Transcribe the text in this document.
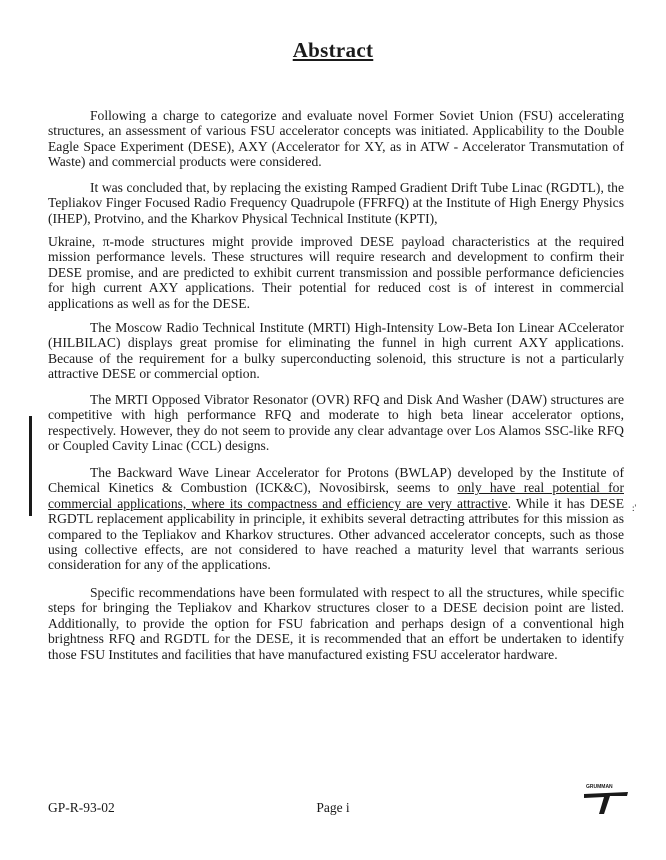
Abstract

Following a charge to categorize and evaluate novel Former Soviet Union (FSU) accelerating structures, an assessment of various FSU accelerator concepts was initiated. Applicability to the Double Eagle Space Experiment (DESE), AXY (Accelerator for XY, as in ATW - Accelerator Transmutation of Waste) and commercial products were considered.

It was concluded that, by replacing the existing Ramped Gradient Drift Tube Linac (RGDTL), the Tepliakov Finger Focused Radio Frequency Quadrupole (FFRFQ) at the Institute of High Energy Physics (IHEP), Protvino, and the Kharkov Physical Technical Institute (KPTI),

Ukraine, π-mode structures might provide improved DESE payload characteristics at the required mission performance levels. These structures will require research and development to confirm their DESE promise, and are predicted to exhibit current transmission and possible performance deficiencies for high current AXY applications. Their potential for reduced cost is of interest in commercial applications as well as for the DESE.

The Moscow Radio Technical Institute (MRTI) High-Intensity Low-Beta Ion Linear ACcelerator (HILBILAC) displays great promise for eliminating the funnel in high current AXY applications. Because of the requirement for a bulky superconducting solenoid, this structure is not a particularly attractive DESE or commercial option.

The MRTI Opposed Vibrator Resonator (OVR) RFQ and Disk And Washer (DAW) structures are competitive with high performance RFQ and moderate to high beta linear accelerator options, respectively. However, they do not seem to provide any clear advantage over Los Alamos SSC-like RFQ or Coupled Cavity Linac (CCL) designs.

The Backward Wave Linear Accelerator for Protons (BWLAP) developed by the Institute of Chemical Kinetics & Combustion (ICK&C), Novosibirsk, seems to only have real potential for commercial applications, where its compactness and efficiency are very attractive. While it has DESE RGDTL replacement applicability in principle, it exhibits several detracting attributes for this mission as compared to the Tepliakov and Kharkov structures. Other advanced accelerator concepts, such as those using collective effects, are not considered to have reached a maturity level that warrants serious consideration for any of the applications.

Specific recommendations have been formulated with respect to all the structures, while specific steps for bringing the Tepliakov and Kharkov structures closer to a DESE decision point are listed. Additionally, to provide the option for FSU fabrication and perhaps design of a conventional high brightness RFQ and RGDTL for the DESE, it is recommended that an effort be undertaken to identify those FSU Institutes and facilities that have manufactured existing FSU accelerator hardware.

:'
GP-R-93-02	Page i
GRUMMAN
